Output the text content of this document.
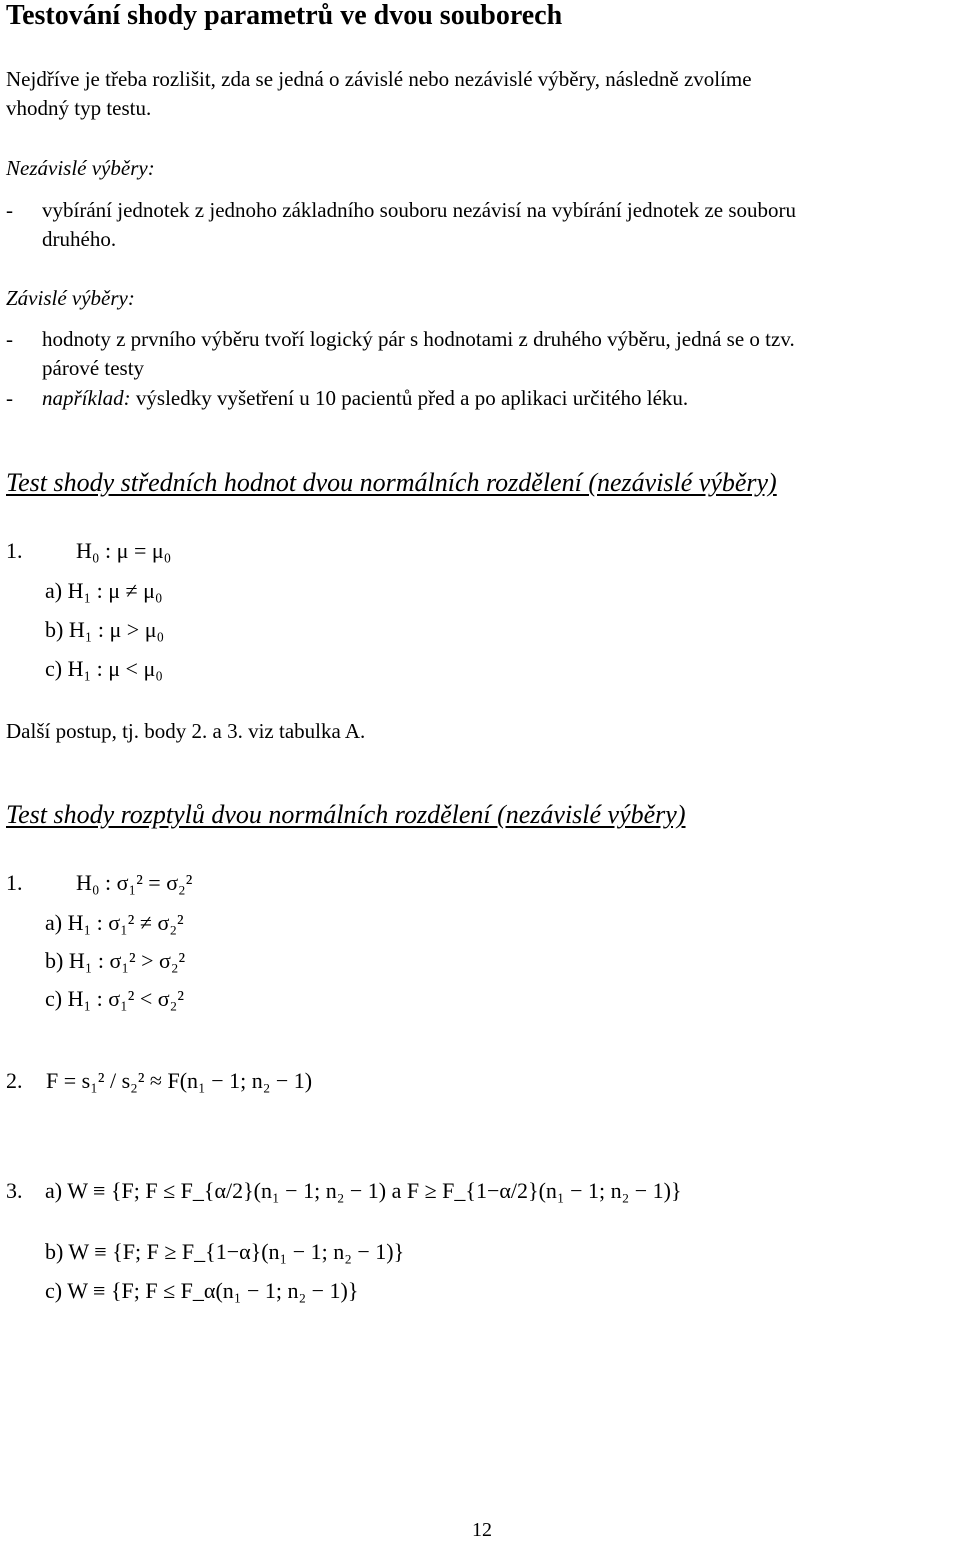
Testování shody parametrů ve dvou souborech
Nejdříve je třeba rozlišit, zda se jedná o závislé nebo nezávislé výběry, následně zvolíme
vhodný typ testu.
Nezávislé výběry:
- vybírání jednotek z jednoho základního souboru nezávisí na vybírání jednotek ze souboru
druhého.
Závislé výběry:
- hodnoty z prvního výběru tvoří logický pár s hodnotami z druhého výběru, jedná se o tzv.
párové testy
- například: výsledky vyšetření u 10 pacientů před a po aplikaci určitého léku.
Test shody středních hodnot dvou normálních rozdělení (nezávislé výběry)
1. H₀ : μ = μ₀
a) H₁ : μ ≠ μ₀
b) H₁ : μ > μ₀
c) H₁ : μ < μ₀
Další postup, tj. body 2. a 3. viz tabulka A.
Test shody rozptylů dvou normálních rozdělení (nezávislé výběry)
1. H₀ : σ₁² = σ₂²
a) H₁ : σ₁² ≠ σ₂²
b) H₁ : σ₁² > σ₂²
c) H₁ : σ₁² < σ₂²
2. F = s₁² / s₂² ≈ F(n₁ − 1; n₂ − 1)
3. a) W ≡ {F; F ≤ F_{α/2}(n₁ − 1; n₂ − 1) a F ≥ F_{1−α/2}(n₁ − 1; n₂ − 1)}
b) W ≡ {F; F ≥ F_{1−α}(n₁ − 1; n₂ − 1)}
c) W ≡ {F; F ≤ F_α(n₁ − 1; n₂ − 1)}
12
